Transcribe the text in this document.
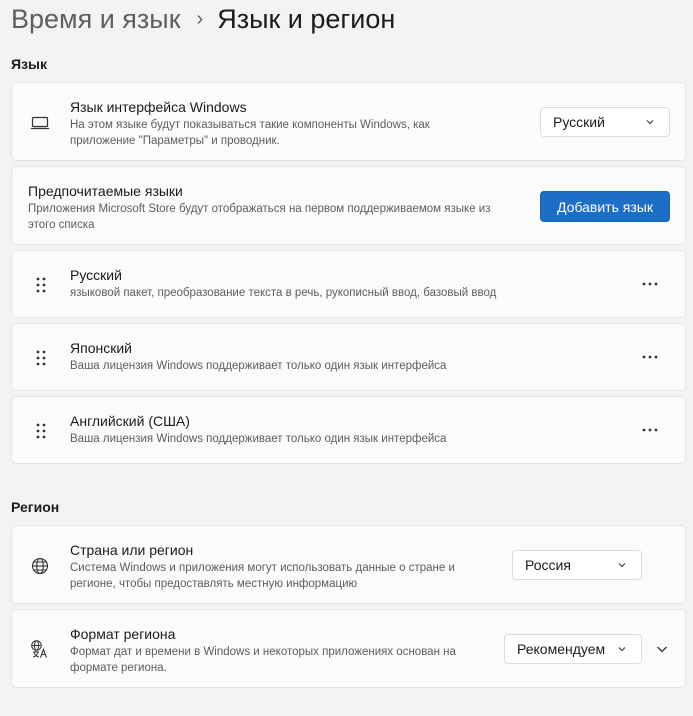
Время и язык › Язык и регион
Язык
Язык интерфейса Windows
На этом языке будут показываться такие компоненты Windows, как приложение "Параметры" и проводник.
Русский
Предпочитаемые языки
Приложения Microsoft Store будут отображаться на первом поддерживаемом языке из этого списка
Добавить язык
Русский
языковой пакет, преобразование текста в речь, рукописный ввод, базовый ввод
Японский
Ваша лицензия Windows поддерживает только один язык интерфейса
Английский (США)
Ваша лицензия Windows поддерживает только один язык интерфейса
Регион
Страна или регион
Система Windows и приложения могут использовать данные о стране и регионе, чтобы предоставлять местную информацию
Россия
Формат региона
Формат дат и времени в Windows и некоторых приложениях основан на формате региона.
Рекомендуем
